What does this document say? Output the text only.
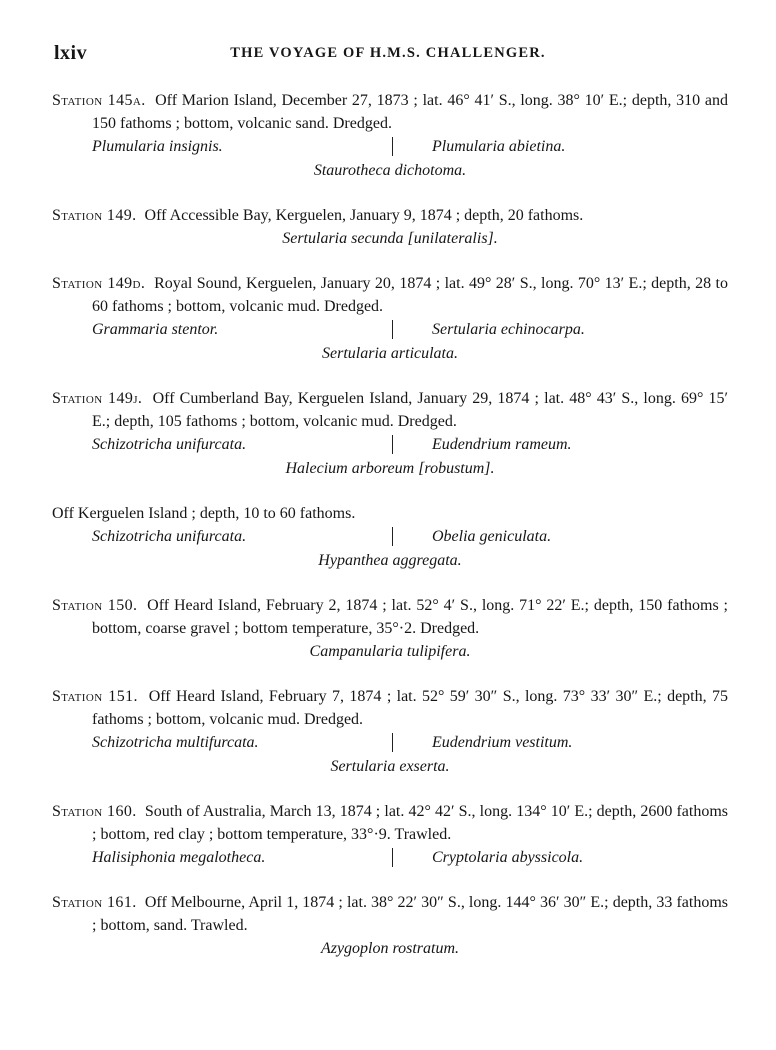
lxiv	THE VOYAGE OF H.M.S. CHALLENGER.

Station 145a. Off Marion Island, December 27, 1873 ; lat. 46° 41′ S., long. 38° 10′ E.; depth, 310 and 150 fathoms ; bottom, volcanic sand. Dredged.

Plumularia insignis.	Plumularia abietina.
Staurotheca dichotoma.

Station 149. Off Accessible Bay, Kerguelen, January 9, 1874 ; depth, 20 fathoms.

Sertularia secunda [unilateralis].

Station 149d. Royal Sound, Kerguelen, January 20, 1874 ; lat. 49° 28′ S., long. 70° 13′ E.; depth, 28 to 60 fathoms ; bottom, volcanic mud. Dredged.

Grammaria stentor.	Sertularia echinocarpa.
Sertularia articulata.

Station 149j. Off Cumberland Bay, Kerguelen Island, January 29, 1874 ; lat. 48° 43′ S., long. 69° 15′ E.; depth, 105 fathoms ; bottom, volcanic mud. Dredged.

Schizotricha unifurcata.	Eudendrium rameum.
Halecium arboreum [robustum].

Off Kerguelen Island ; depth, 10 to 60 fathoms.

Schizotricha unifurcata.	Obelia geniculata.
Hypanthea aggregata.

Station 150. Off Heard Island, February 2, 1874 ; lat. 52° 4′ S., long. 71° 22′ E.; depth, 150 fathoms ; bottom, coarse gravel ; bottom temperature, 35°·2. Dredged.

Campanularia tulipifera.

Station 151. Off Heard Island, February 7, 1874 ; lat. 52° 59′ 30″ S., long. 73° 33′ 30″ E.; depth, 75 fathoms ; bottom, volcanic mud. Dredged.

Schizotricha multifurcata.	Eudendrium vestitum.
Sertularia exserta.

Station 160. South of Australia, March 13, 1874 ; lat. 42° 42′ S., long. 134° 10′ E.; depth, 2600 fathoms ; bottom, red clay ; bottom temperature, 33°·9. Trawled.

Halisiphonia megalotheca.	Cryptolaria abyssicola.

Station 161. Off Melbourne, April 1, 1874 ; lat. 38° 22′ 30″ S., long. 144° 36′ 30″ E.; depth, 33 fathoms ; bottom, sand. Trawled.

Azygoplon rostratum.
